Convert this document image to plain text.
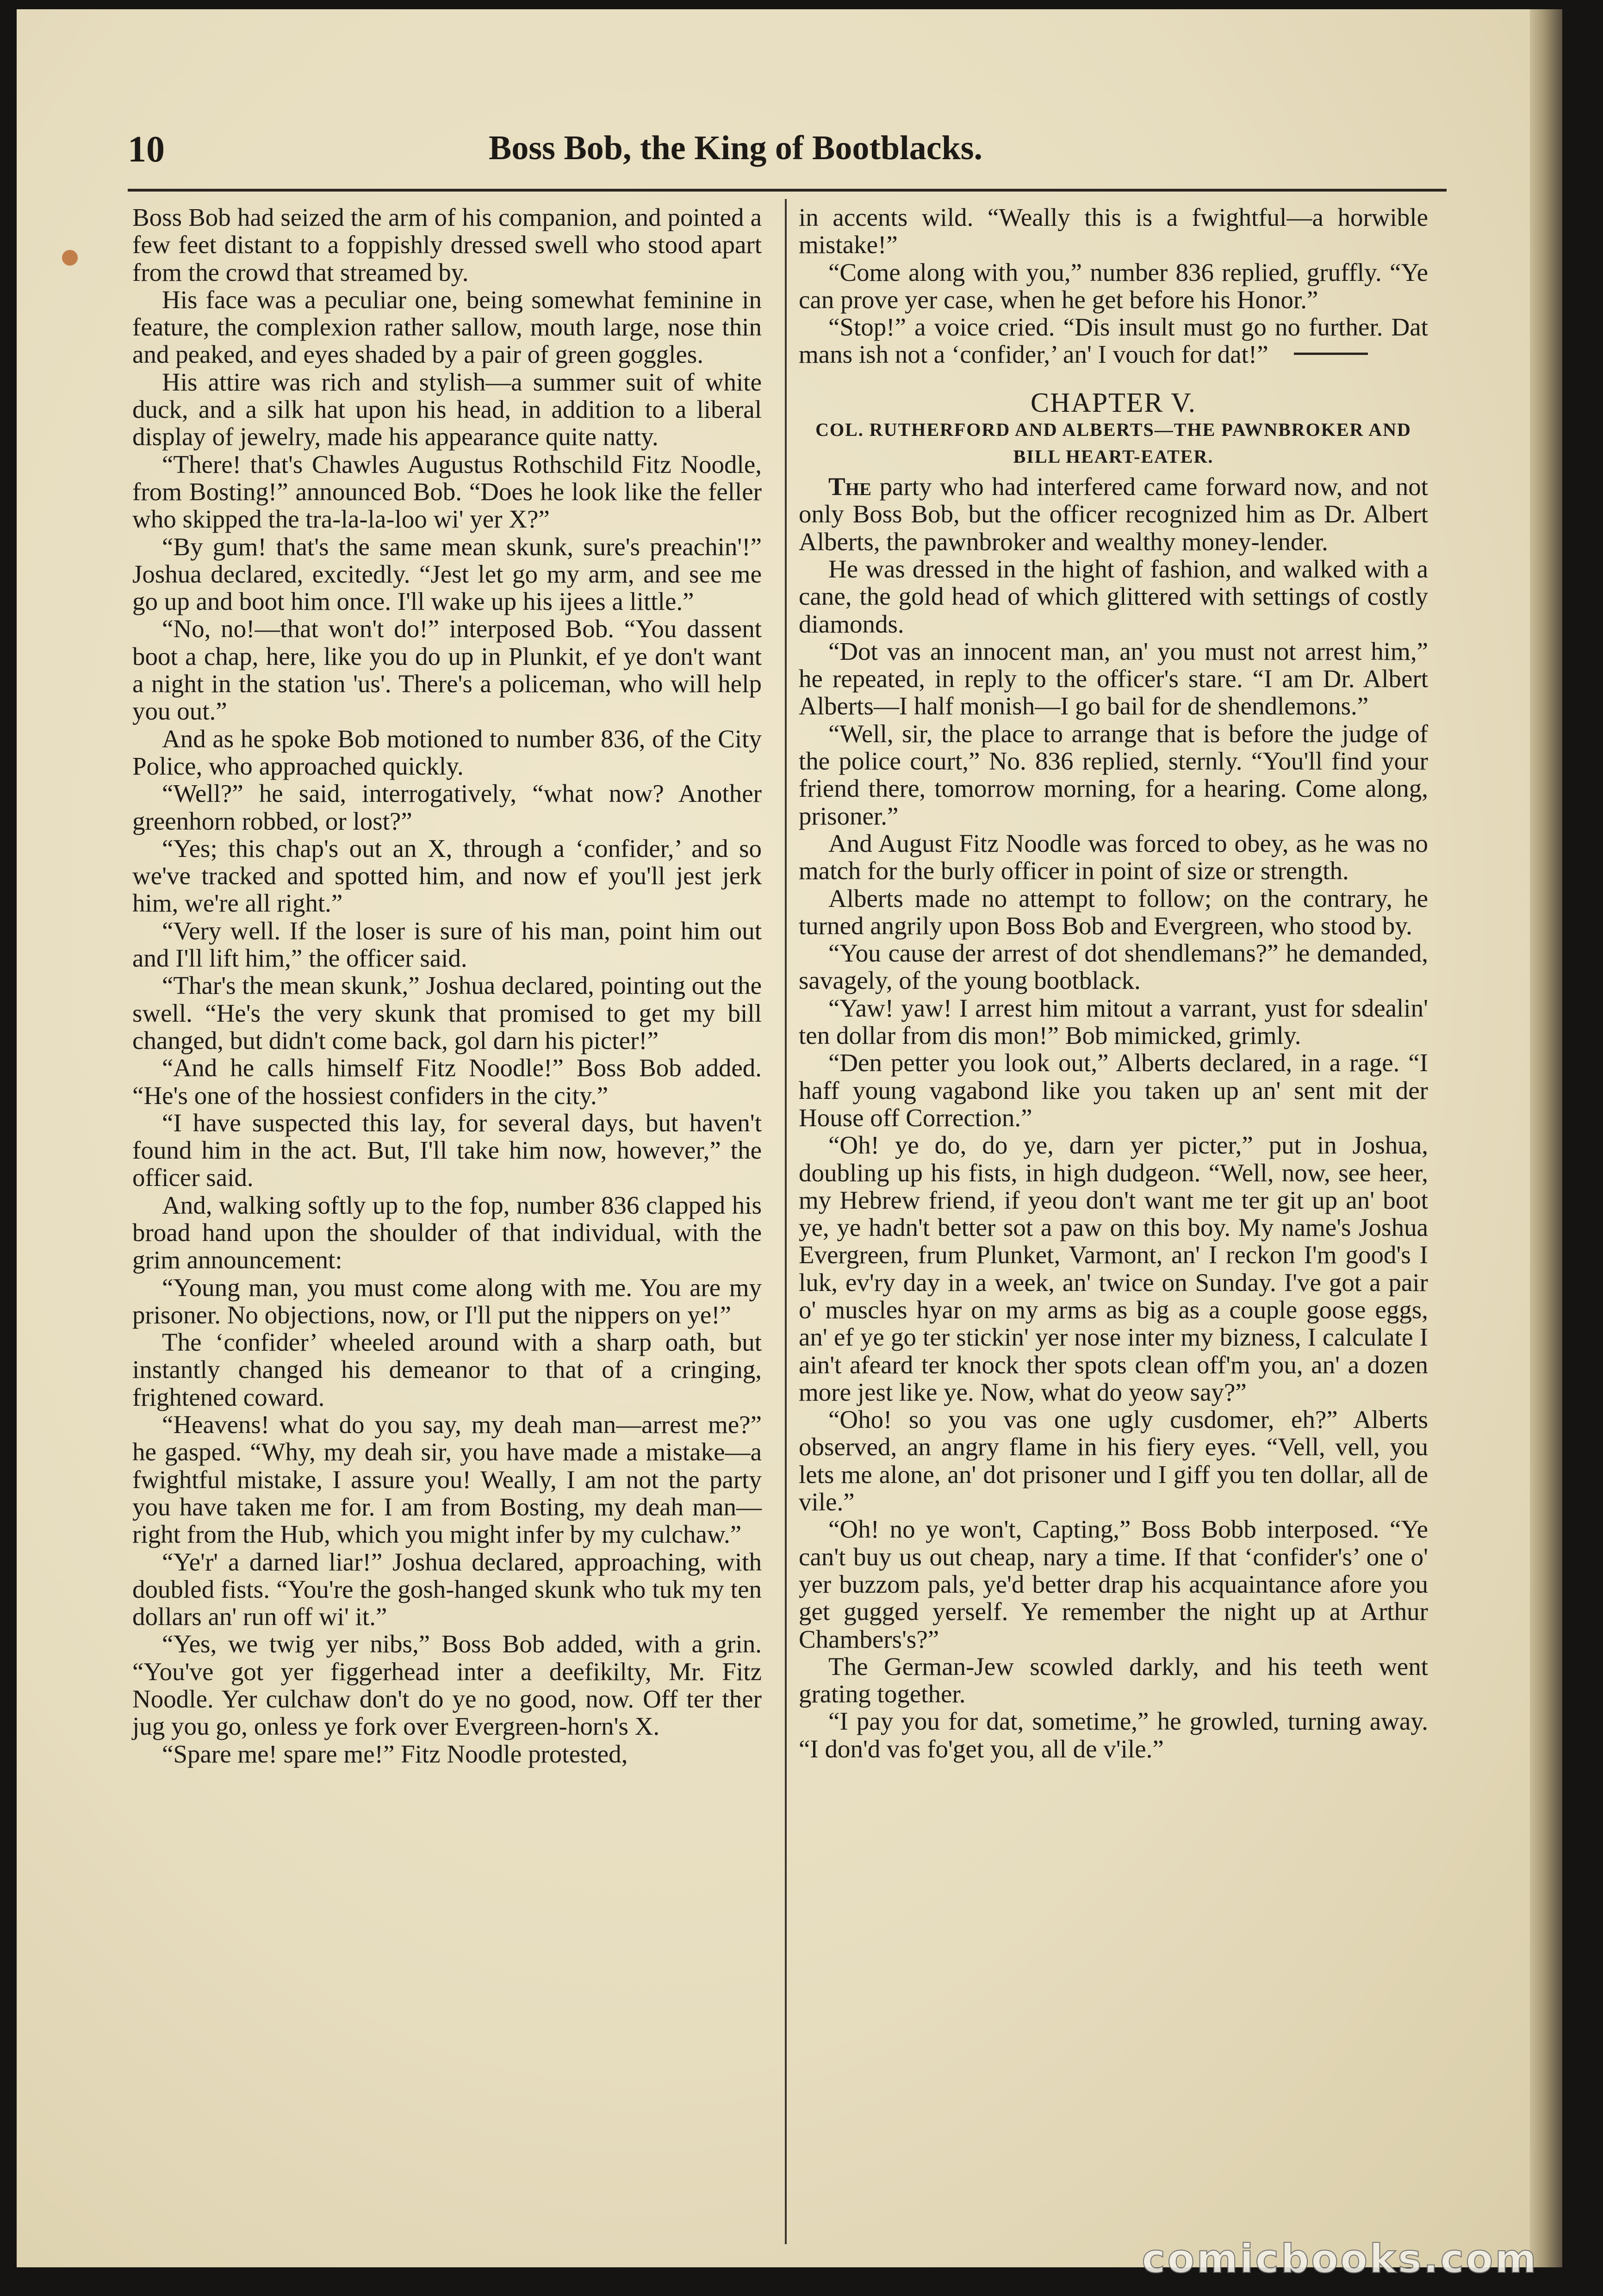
10	Boss Bob, the King of Bootblacks.

Boss Bob had seized the arm of his companion, and pointed a few feet distant to a foppishly dressed swell who stood apart from the crowd that streamed by.

His face was a peculiar one, being somewhat feminine in feature, the complexion rather sallow, mouth large, nose thin and peaked, and eyes shaded by a pair of green goggles.

His attire was rich and stylish—a summer suit of white duck, and a silk hat upon his head, in addition to a liberal display of jewelry, made his appearance quite natty.

“There! that's Chawles Augustus Rothschild Fitz Noodle, from Bosting!” announced Bob. “Does he look like the feller who skipped the tra-la-la-loo wi' yer X?”

“By gum! that's the same mean skunk, sure's preachin'!” Joshua declared, excitedly. “Jest let go my arm, and see me go up and boot him once. I'll wake up his ijees a little.”

“No, no!—that won't do!” interposed Bob. “You dassent boot a chap, here, like you do up in Plunkit, ef ye don't want a night in the station 'us'. There's a policeman, who will help you out.”

And as he spoke Bob motioned to number 836, of the City Police, who approached quickly.

“Well?” he said, interrogatively, “what now? Another greenhorn robbed, or lost?”

“Yes; this chap's out an X, through a ‘confider,’ and so we've tracked and spotted him, and now ef you'll jest jerk him, we're all right.”

“Very well. If the loser is sure of his man, point him out and I'll lift him,” the officer said.

“Thar's the mean skunk,” Joshua declared, pointing out the swell. “He's the very skunk that promised to get my bill changed, but didn't come back, gol darn his picter!”

“And he calls himself Fitz Noodle!” Boss Bob added. “He's one of the hossiest confiders in the city.”

“I have suspected this lay, for several days, but haven't found him in the act. But, I'll take him now, however,” the officer said.

And, walking softly up to the fop, number 836 clapped his broad hand upon the shoulder of that individual, with the grim announcement:

“Young man, you must come along with me. You are my prisoner. No objections, now, or I'll put the nippers on ye!”

The ‘confider’ wheeled around with a sharp oath, but instantly changed his demeanor to that of a cringing, frightened coward.

“Heavens! what do you say, my deah man—arrest me?” he gasped. “Why, my deah sir, you have made a mistake—a fwightful mistake, I assure you! Weally, I am not the party you have taken me for. I am from Bosting, my deah man—right from the Hub, which you might infer by my culchaw.”

“Ye'r' a darned liar!” Joshua declared, approaching, with doubled fists. “You're the gosh-hanged skunk who tuk my ten dollars an' run off wi' it.”

“Yes, we twig yer nibs,” Boss Bob added, with a grin. “You've got yer figgerhead inter a deefikilty, Mr. Fitz Noodle. Yer culchaw don't do ye no good, now. Off ter ther jug you go, onless ye fork over Evergreen-horn's X.

“Spare me! spare me!” Fitz Noodle protested,

in accents wild. “Weally this is a fwightful—a horwible mistake!”

“Come along with you,” number 836 replied, gruffly. “Ye can prove yer case, when he get before his Honor.”

“Stop!” a voice cried. “Dis insult must go no further. Dat mans ish not a ‘confider,’ an' I vouch for dat!”

CHAPTER V.
COL. RUTHERFORD AND ALBERTS—THE PAWNBROKER AND BILL HEART-EATER.

The party who had interfered came forward now, and not only Boss Bob, but the officer recognized him as Dr. Albert Alberts, the pawnbroker and wealthy money-lender.

He was dressed in the hight of fashion, and walked with a cane, the gold head of which glittered with settings of costly diamonds.

“Dot vas an innocent man, an' you must not arrest him,” he repeated, in reply to the officer's stare. “I am Dr. Albert Alberts—I half monish—I go bail for de shendlemons.”

“Well, sir, the place to arrange that is before the judge of the police court,” No. 836 replied, sternly. “You'll find your friend there, tomorrow morning, for a hearing. Come along, prisoner.”

And August Fitz Noodle was forced to obey, as he was no match for the burly officer in point of size or strength.

Alberts made no attempt to follow; on the contrary, he turned angrily upon Boss Bob and Evergreen, who stood by.

“You cause der arrest of dot shendlemans?” he demanded, savagely, of the young bootblack.

“Yaw! yaw! I arrest him mitout a varrant, yust for sdealin' ten dollar from dis mon!” Bob mimicked, grimly.

“Den petter you look out,” Alberts declared, in a rage. “I haff young vagabond like you taken up an' sent mit der House off Correction.”

“Oh! ye do, do ye, darn yer picter,” put in Joshua, doubling up his fists, in high dudgeon. “Well, now, see heer, my Hebrew friend, if yeou don't want me ter git up an' boot ye, ye hadn't better sot a paw on this boy. My name's Joshua Evergreen, frum Plunket, Varmont, an' I reckon I'm good's I luk, ev'ry day in a week, an' twice on Sunday. I've got a pair o' muscles hyar on my arms as big as a couple goose eggs, an' ef ye go ter stickin' yer nose inter my bizness, I calculate I ain't afeard ter knock ther spots clean off'm you, an' a dozen more jest like ye. Now, what do yeow say?”

“Oho! so you vas one ugly cusdomer, eh?” Alberts observed, an angry flame in his fiery eyes. “Vell, vell, you lets me alone, an' dot prisoner und I giff you ten dollar, all de vile.”

“Oh! no ye won't, Capting,” Boss Bobb interposed. “Ye can't buy us out cheap, nary a time. If that ‘confider's’ one o' yer buzzom pals, ye'd better drap his acquaintance afore you get gugged yerself. Ye remember the night up at Arthur Chambers's?”

The German-Jew scowled darkly, and his teeth went grating together.

“I pay you for dat, sometime,” he growled, turning away. “I don'd vas fo'get you, all de v'ile.”

comicbooks.com
